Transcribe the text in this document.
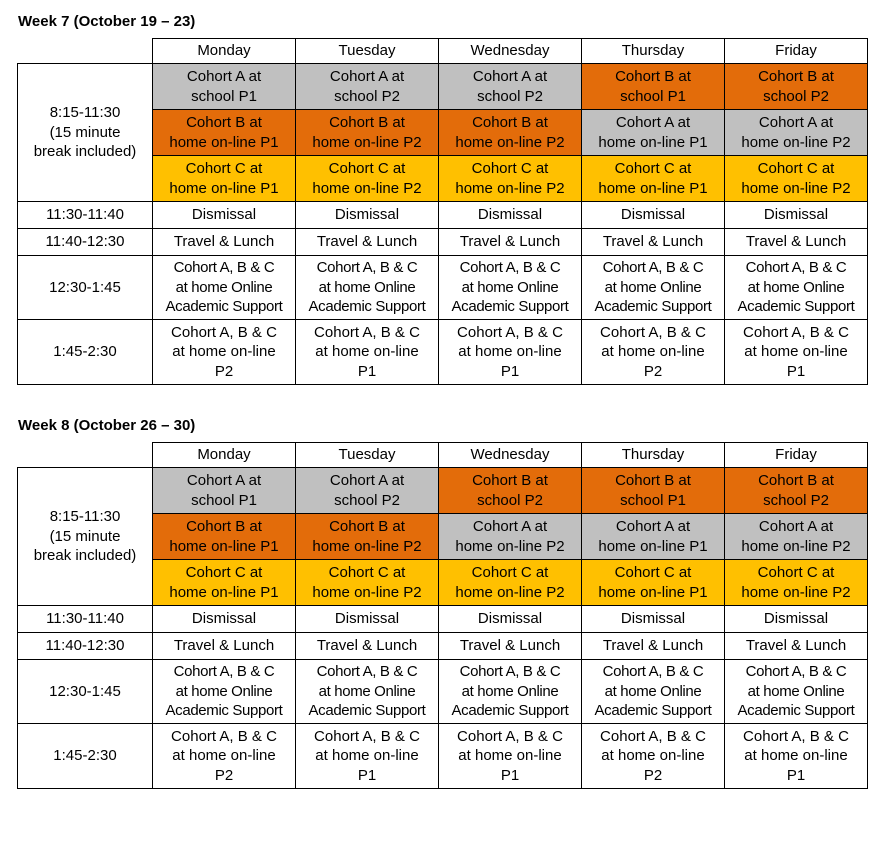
Week 7 (October 19 – 23)
	Monday	Tuesday	Wednesday	Thursday	Friday
8:15-11:30
(15 minute
break included)	Cohort A at
school P1	Cohort A at
school P2	Cohort A at
school P2	Cohort B at
school P1	Cohort B at
school P2
	Cohort B at
home on-line P1	Cohort B at
home on-line P2	Cohort B at
home on-line P2	Cohort A at
home on-line P1	Cohort A at
home on-line P2
	Cohort C at
home on-line P1	Cohort C at
home on-line P2	Cohort C at
home on-line P2	Cohort C at
home on-line P1	Cohort C at
home on-line P2
11:30-11:40	Dismissal	Dismissal	Dismissal	Dismissal	Dismissal
11:40-12:30	Travel & Lunch	Travel & Lunch	Travel & Lunch	Travel & Lunch	Travel & Lunch
12:30-1:45	Cohort A, B & C
at home Online
Academic Support	Cohort A, B & C
at home Online
Academic Support	Cohort A, B & C
at home Online
Academic Support	Cohort A, B & C
at home Online
Academic Support	Cohort A, B & C
at home Online
Academic Support
1:45-2:30	Cohort A, B & C
at home on-line
P2	Cohort A, B & C
at home on-line
P1	Cohort A, B & C
at home on-line
P1	Cohort A, B & C
at home on-line
P2	Cohort A, B & C
at home on-line
P1
Week 8 (October 26 – 30)
	Monday	Tuesday	Wednesday	Thursday	Friday
8:15-11:30
(15 minute
break included)	Cohort A at
school P1	Cohort A at
school P2	Cohort B at
school P2	Cohort B at
school P1	Cohort B at
school P2
	Cohort B at
home on-line P1	Cohort B at
home on-line P2	Cohort A at
home on-line P2	Cohort A at
home on-line P1	Cohort A at
home on-line P2
	Cohort C at
home on-line P1	Cohort C at
home on-line P2	Cohort C at
home on-line P2	Cohort C at
home on-line P1	Cohort C at
home on-line P2
11:30-11:40	Dismissal	Dismissal	Dismissal	Dismissal	Dismissal
11:40-12:30	Travel & Lunch	Travel & Lunch	Travel & Lunch	Travel & Lunch	Travel & Lunch
12:30-1:45	Cohort A, B & C
at home Online
Academic Support	Cohort A, B & C
at home Online
Academic Support	Cohort A, B & C
at home Online
Academic Support	Cohort A, B & C
at home Online
Academic Support	Cohort A, B & C
at home Online
Academic Support
1:45-2:30	Cohort A, B & C
at home on-line
P2	Cohort A, B & C
at home on-line
P1	Cohort A, B & C
at home on-line
P1	Cohort A, B & C
at home on-line
P2	Cohort A, B & C
at home on-line
P1
